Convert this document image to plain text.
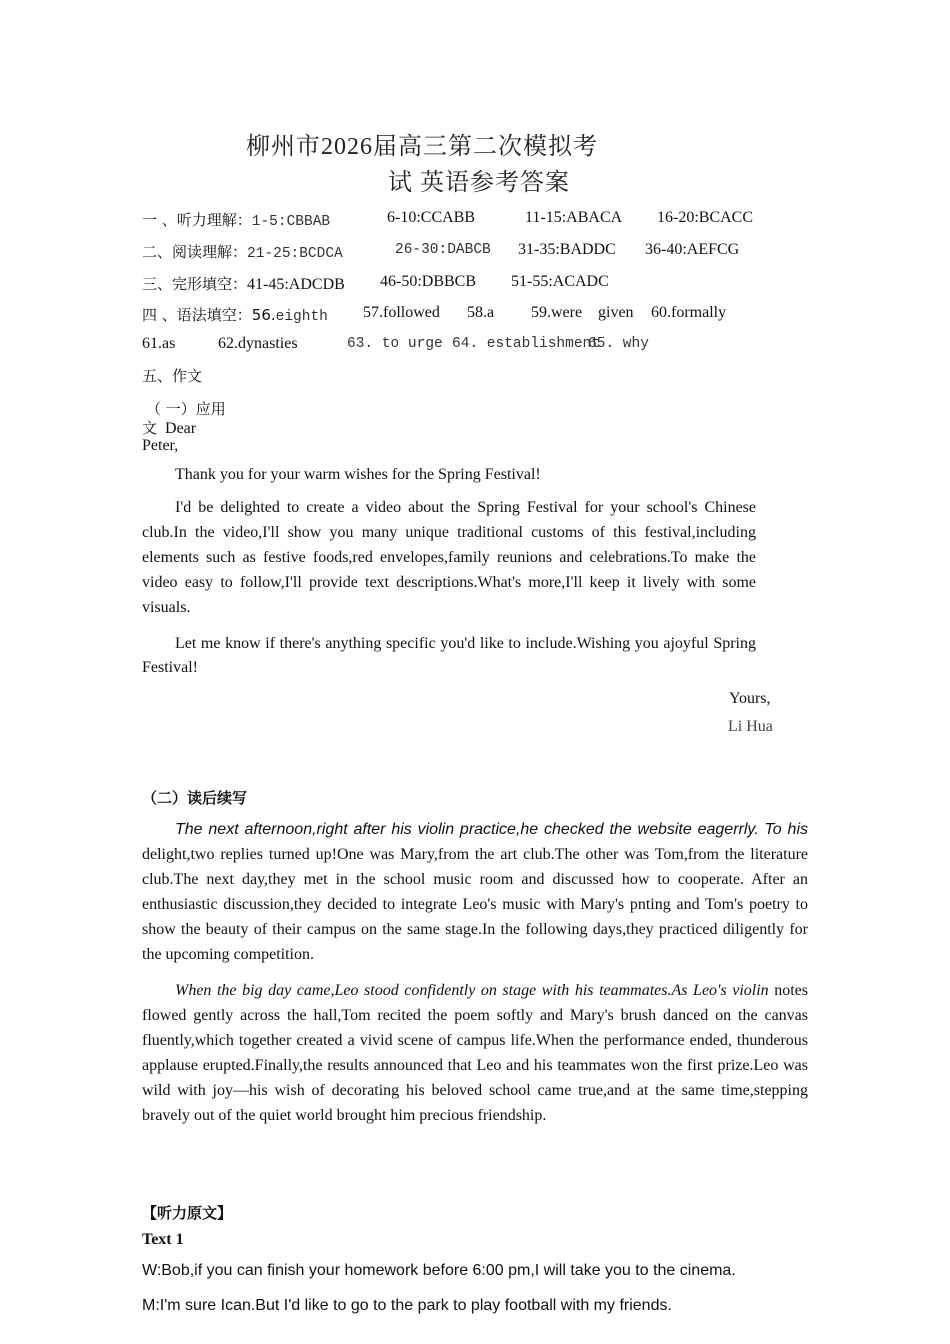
柳州市2026届高三第二次模拟考
试 英语参考答案
一 、听力理解：1-5:CBBAB	6-10:CCABB	11-15:ABACA 16-20:BCACC
二、阅读理解：21-25:BCDCA	26-30:DABCB 31-35:BADDC 36-40:AEFCG
三、完形填空：41-45:ADCDB 46-50:DBBCB 51-55:ACADC
四 、语法填空：56.eighth 57.followed 58.a 59.were given 60.formally
61.as	62.dynasties	63. to urge 64. establishment
65. why
五、作文
（ 一）应用
文 Dear
Peter,
Thank you for your warm wishes for the Spring Festival!
I'd be delighted to create a video about the Spring Festival for your school's Chinese club.In the video,I'll show you many unique traditional customs of this festival,including elements such as festive foods,red envelopes,family reunions and celebrations.To make the video easy to follow,I'll provide text descriptions.What's more,I'll keep it lively with some visuals.
Let me know if there's anything specific you'd like to include.Wishing you ajoyful Spring Festival!
Yours,
Li Hua
（二）读后续写
The next afternoon,right after his violin practice,he checked the website eagerrly. To his delight,two replies turned up!One was Mary,from the art club.The other was Tom,from the literature club.The next day,they met in the school music room and discussed how to cooperate. After an enthusiastic discussion,they decided to integrate Leo's music with Mary's pnting and Tom's poetry to show the beauty of their campus on the same stage.In the following days,they practiced diligently for the upcoming competition.
When the big day came,Leo stood confidently on stage with his teammates.As Leo's violin notes flowed gently across the hall,Tom recited the poem softly and Mary's brush danced on the canvas fluently,which together created a vivid scene of campus life.When the performance ended, thunderous applause erupted.Finally,the results announced that Leo and his teammates won the first prize.Leo was wild with joy—his wish of decorating his beloved school came true,and at the same time,stepping bravely out of the quiet world brought him precious friendship.
【听力原文】
Text 1
W:Bob,if you can finish your homework before 6:00 pm,I will take you to the cinema.
M:I'm sure Ican.But I'd like to go to the park to play football with my friends.
